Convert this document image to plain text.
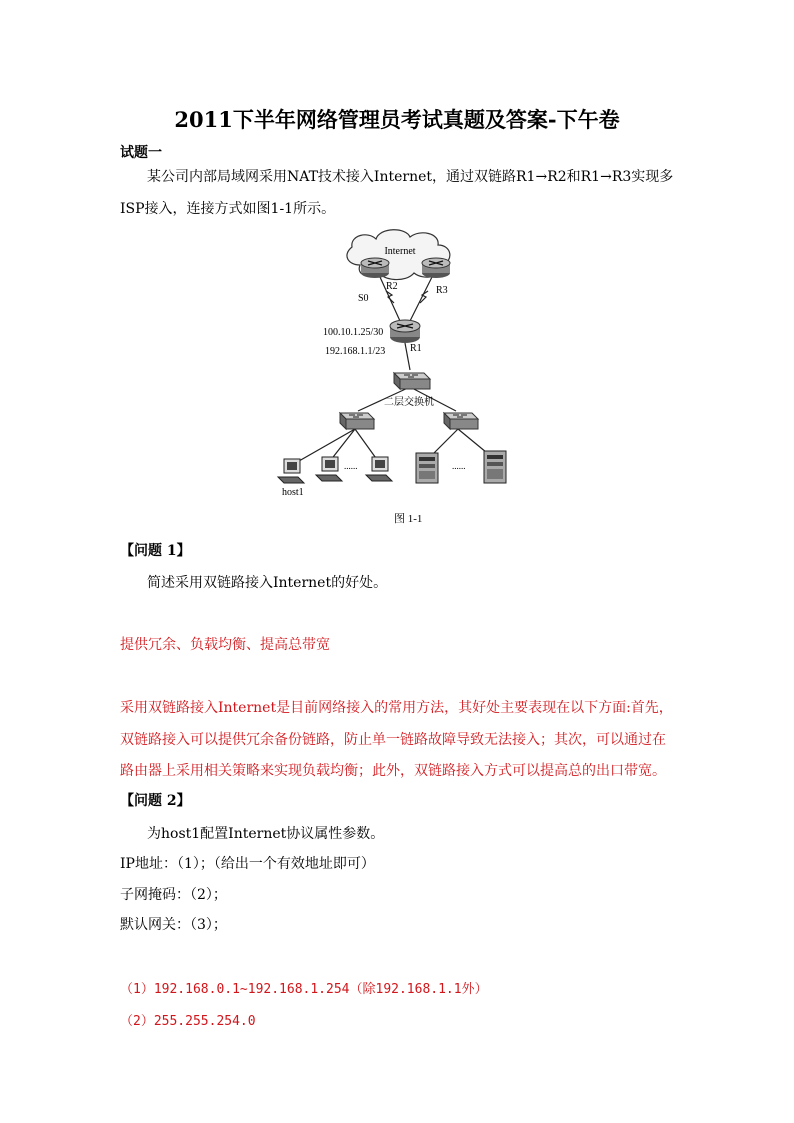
2011下半年网络管理员考试真题及答案-下午卷
试题一
某公司内部局域网采用NAT技术接入Internet，通过双链路R1→R2和R1→R3实现多
ISP接入，连接方式如图1-1所示。
Internet
R2	R3
S0
100.10.1.25/30
192.168.1.1/23 R1
二层交换机
......
host1
......
图 1-1
【问题 1】
简述采用双链路接入Internet的好处。
提供冗余、负载均衡、提高总带宽
采用双链路接入Internet是目前网络接入的常用方法，其好处主要表现在以下方面:首先，
双链路接入可以提供冗余备份链路，防止单一链路故障导致无法接入；其次，可以通过在
路由器上采用相关策略来实现负载均衡；此外，双链路接入方式可以提高总的出口带宽。
【问题 2】
为host1配置Internet协议属性参数。
IP地址：（1）；（给出一个有效地址即可）
子网掩码：（2）；
默认网关：（3）；
（1）192.168.0.1~192.168.1.254（除192.168.1.1外）
（2）255.255.254.0
